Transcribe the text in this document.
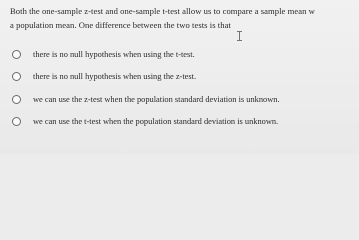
Both the one-sample z-test and one-sample t-test allow us to compare a sample mean w
a population mean. One difference between the two tests is that

there is no null hypothesis when using the t-test.
there is no null hypothesis when using the z-test.
we can use the z-test when the population standard deviation is unknown.
we can use the t-test when the population standard deviation is unknown.
